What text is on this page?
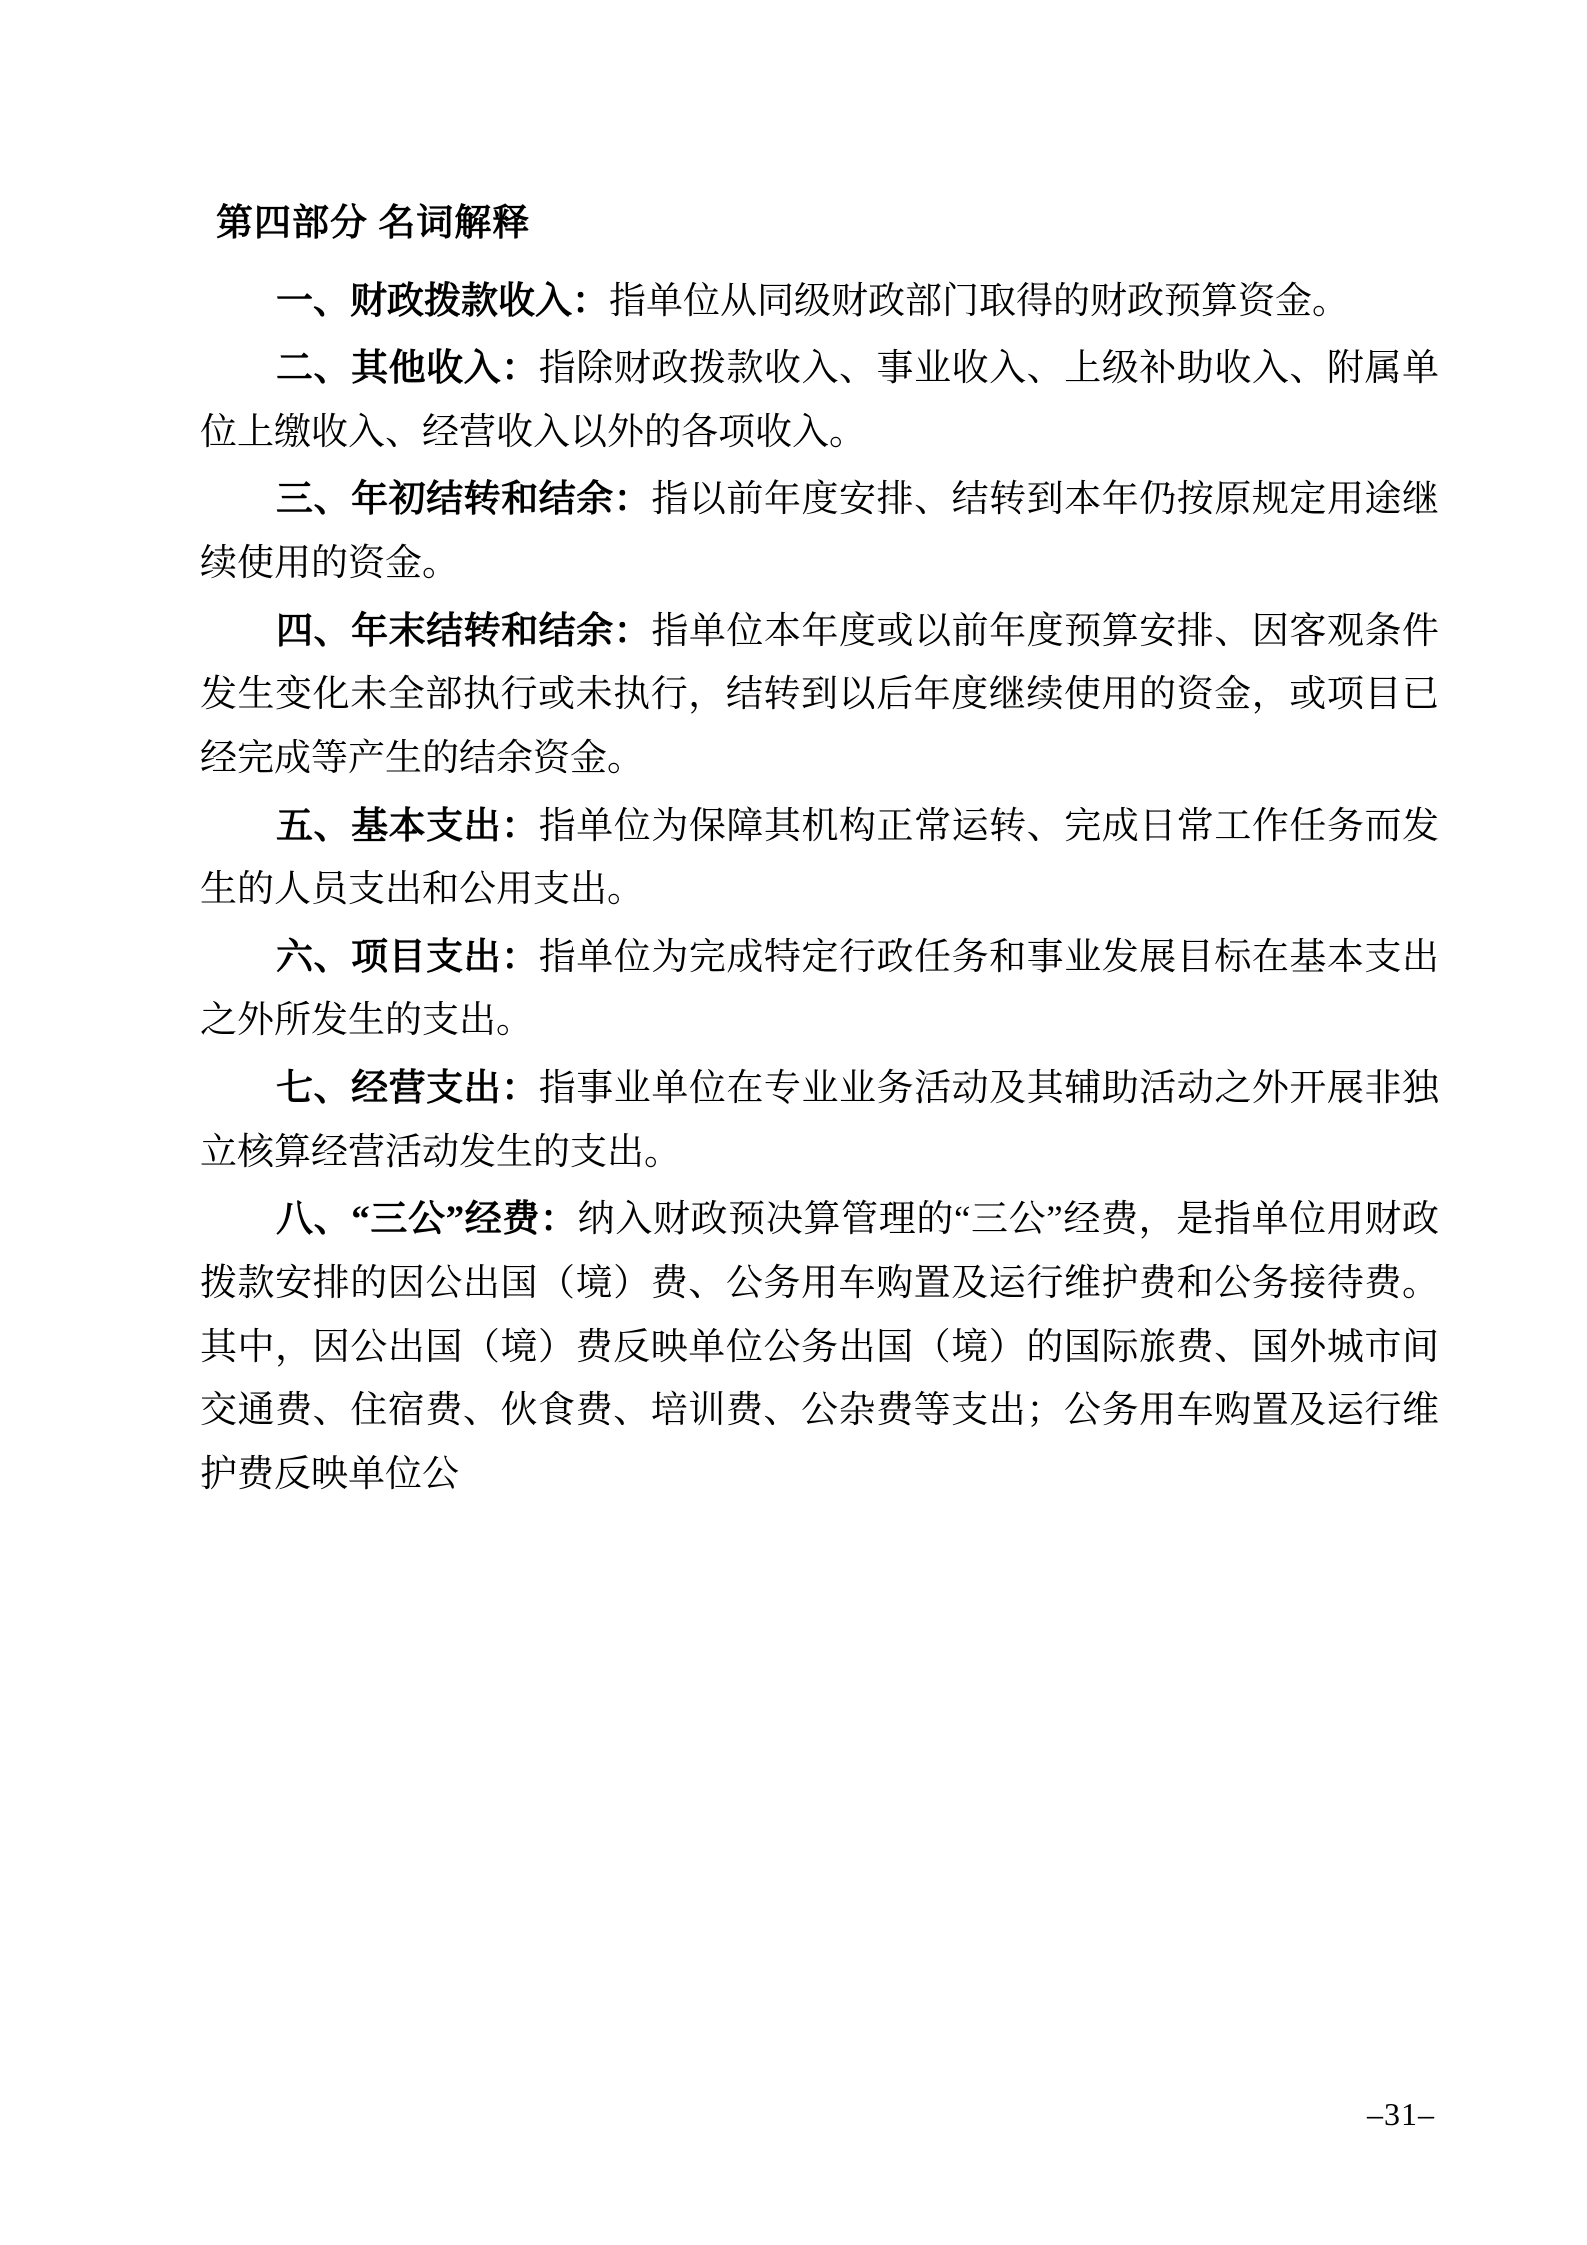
第四部分 名词解释

一、财政拨款收入：指单位从同级财政部门取得的财政预算资金。

二、其他收入：指除财政拨款收入、事业收入、上级补助收入、附属单位上缴收入、经营收入以外的各项收入。

三、年初结转和结余：指以前年度安排、结转到本年仍按原规定用途继续使用的资金。

四、年末结转和结余：指单位本年度或以前年度预算安排、因客观条件发生变化未全部执行或未执行，结转到以后年度继续使用的资金，或项目已经完成等产生的结余资金。

五、基本支出：指单位为保障其机构正常运转、完成日常工作任务而发生的人员支出和公用支出。

六、项目支出：指单位为完成特定行政任务和事业发展目标在基本支出之外所发生的支出。

七、经营支出：指事业单位在专业业务活动及其辅助活动之外开展非独立核算经营活动发生的支出。

八、“三公”经费：纳入财政预决算管理的“三公”经费，是指单位用财政拨款安排的因公出国（境）费、公务用车购置及运行维护费和公务接待费。其中，因公出国（境）费反映单位公务出国（境）的国际旅费、国外城市间交通费、住宿费、伙食费、培训费、公杂费等支出；公务用车购置及运行维护费反映单位公

–31–
